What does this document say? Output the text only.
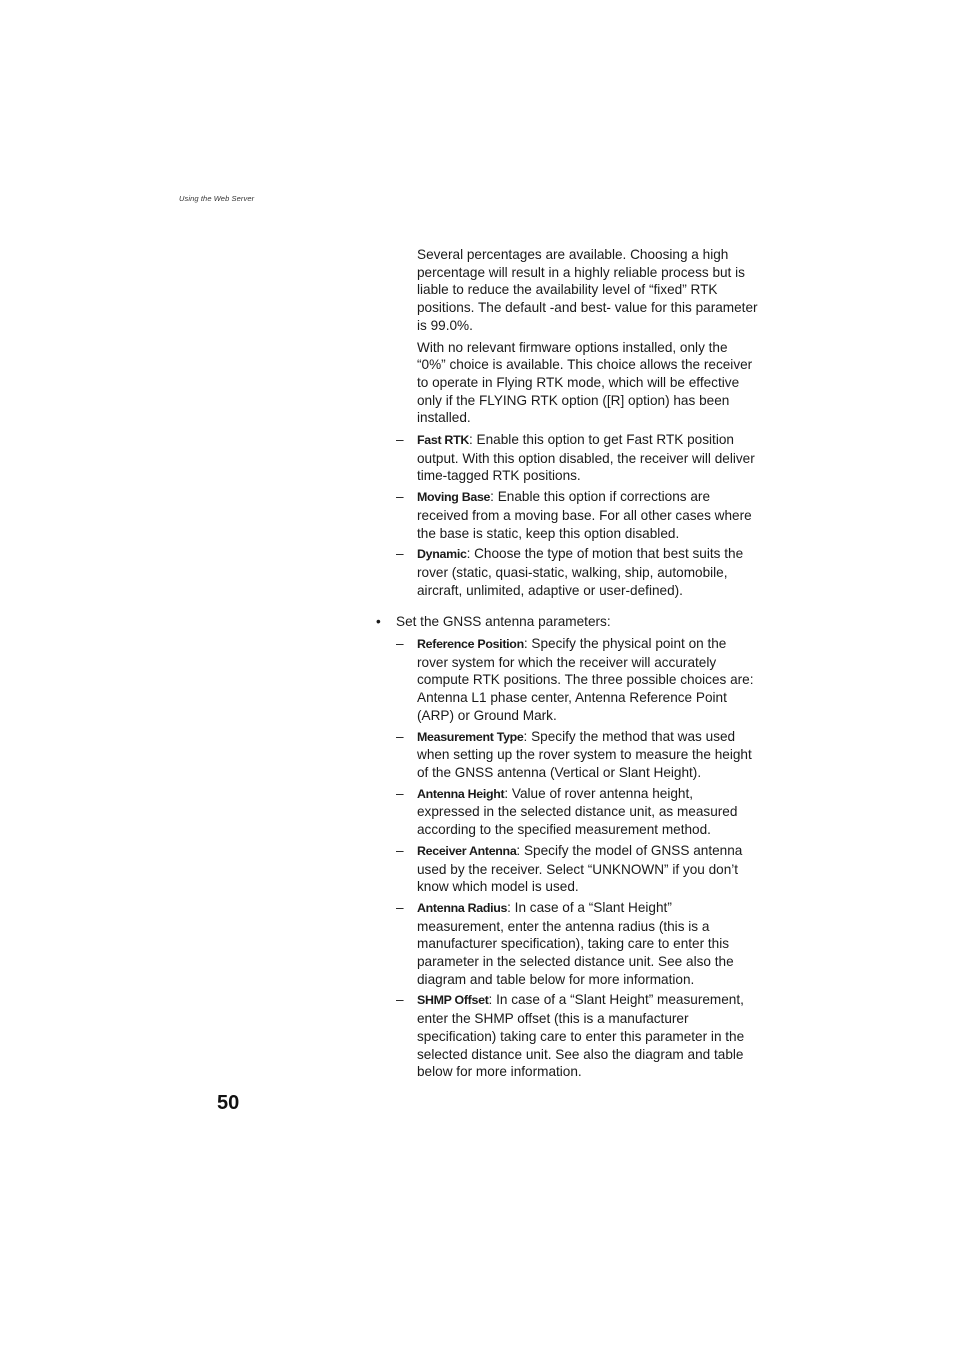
Using the Web Server

Several percentages are available. Choosing a high percentage will result in a highly reliable process but is liable to reduce the availability level of “fixed” RTK positions. The default -and best- value for this parameter is 99.0%.

With no relevant firmware options installed, only the “0%” choice is available. This choice allows the receiver to operate in Flying RTK mode, which will be effective only if the FLYING RTK option ([R] option) has been installed.

– Fast RTK: Enable this option to get Fast RTK position output. With this option disabled, the receiver will deliver time-tagged RTK positions.
– Moving Base: Enable this option if corrections are received from a moving base. For all other cases where the base is static, keep this option disabled.
– Dynamic: Choose the type of motion that best suits the rover (static, quasi-static, walking, ship, automobile, aircraft, unlimited, adaptive or user-defined).
• Set the GNSS antenna parameters:
– Reference Position: Specify the physical point on the rover system for which the receiver will accurately compute RTK positions. The three possible choices are: Antenna L1 phase center, Antenna Reference Point (ARP) or Ground Mark.
– Measurement Type: Specify the method that was used when setting up the rover system to measure the height of the GNSS antenna (Vertical or Slant Height).
– Antenna Height: Value of rover antenna height, expressed in the selected distance unit, as measured according to the specified measurement method.
– Receiver Antenna: Specify the model of GNSS antenna used by the receiver. Select “UNKNOWN” if you don’t know which model is used.
– Antenna Radius: In case of a “Slant Height” measurement, enter the antenna radius (this is a manufacturer specification), taking care to enter this parameter in the selected distance unit. See also the diagram and table below for more information.
– SHMP Offset: In case of a “Slant Height” measurement, enter the SHMP offset (this is a manufacturer specification) taking care to enter this parameter in the selected distance unit. See also the diagram and table below for more information.
50
